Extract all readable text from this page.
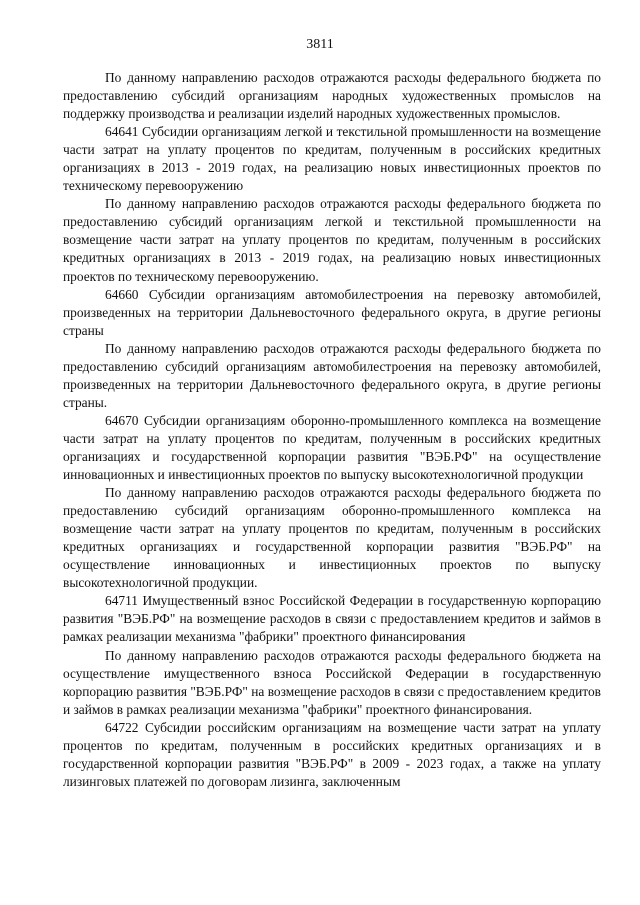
3811

По данному направлению расходов отражаются расходы федерального бюджета по предоставлению субсидий организациям народных художественных промыслов на поддержку производства и реализации изделий народных художественных промыслов.

64641 Субсидии организациям легкой и текстильной промышленности на возмещение части затрат на уплату процентов по кредитам, полученным в российских кредитных организациях в 2013 - 2019 годах, на реализацию новых инвестиционных проектов по техническому перевооружению

По данному направлению расходов отражаются расходы федерального бюджета по предоставлению субсидий организациям легкой и текстильной промышленности на возмещение части затрат на уплату процентов по кредитам, полученным в российских кредитных организациях в 2013 - 2019 годах, на реализацию новых инвестиционных проектов по техническому перевооружению.

64660 Субсидии организациям автомобилестроения на перевозку автомобилей, произведенных на территории Дальневосточного федерального округа, в другие регионы страны

По данному направлению расходов отражаются расходы федерального бюджета по предоставлению субсидий организациям автомобилестроения на перевозку автомобилей, произведенных на территории Дальневосточного федерального округа, в другие регионы страны.

64670 Субсидии организациям оборонно-промышленного комплекса на возмещение части затрат на уплату процентов по кредитам, полученным в российских кредитных организациях и государственной корпорации развития "ВЭБ.РФ" на осуществление инновационных и инвестиционных проектов по выпуску высокотехнологичной продукции

По данному направлению расходов отражаются расходы федерального бюджета по предоставлению субсидий организациям оборонно-промышленного комплекса на возмещение части затрат на уплату процентов по кредитам, полученным в российских кредитных организациях и государственной корпорации развития "ВЭБ.РФ" на осуществление инновационных и инвестиционных проектов по выпуску высокотехнологичной продукции.

64711 Имущественный взнос Российской Федерации в государственную корпорацию развития "ВЭБ.РФ" на возмещение расходов в связи с предоставлением кредитов и займов в рамках реализации механизма "фабрики" проектного финансирования

По данному направлению расходов отражаются расходы федерального бюджета на осуществление имущественного взноса Российской Федерации в государственную корпорацию развития "ВЭБ.РФ" на возмещение расходов в связи с предоставлением кредитов и займов в рамках реализации механизма "фабрики" проектного финансирования.

64722 Субсидии российским организациям на возмещение части затрат на уплату процентов по кредитам, полученным в российских кредитных организациях и в государственной корпорации развития "ВЭБ.РФ" в 2009 - 2023 годах, а также на уплату лизинговых платежей по договорам лизинга, заключенным
